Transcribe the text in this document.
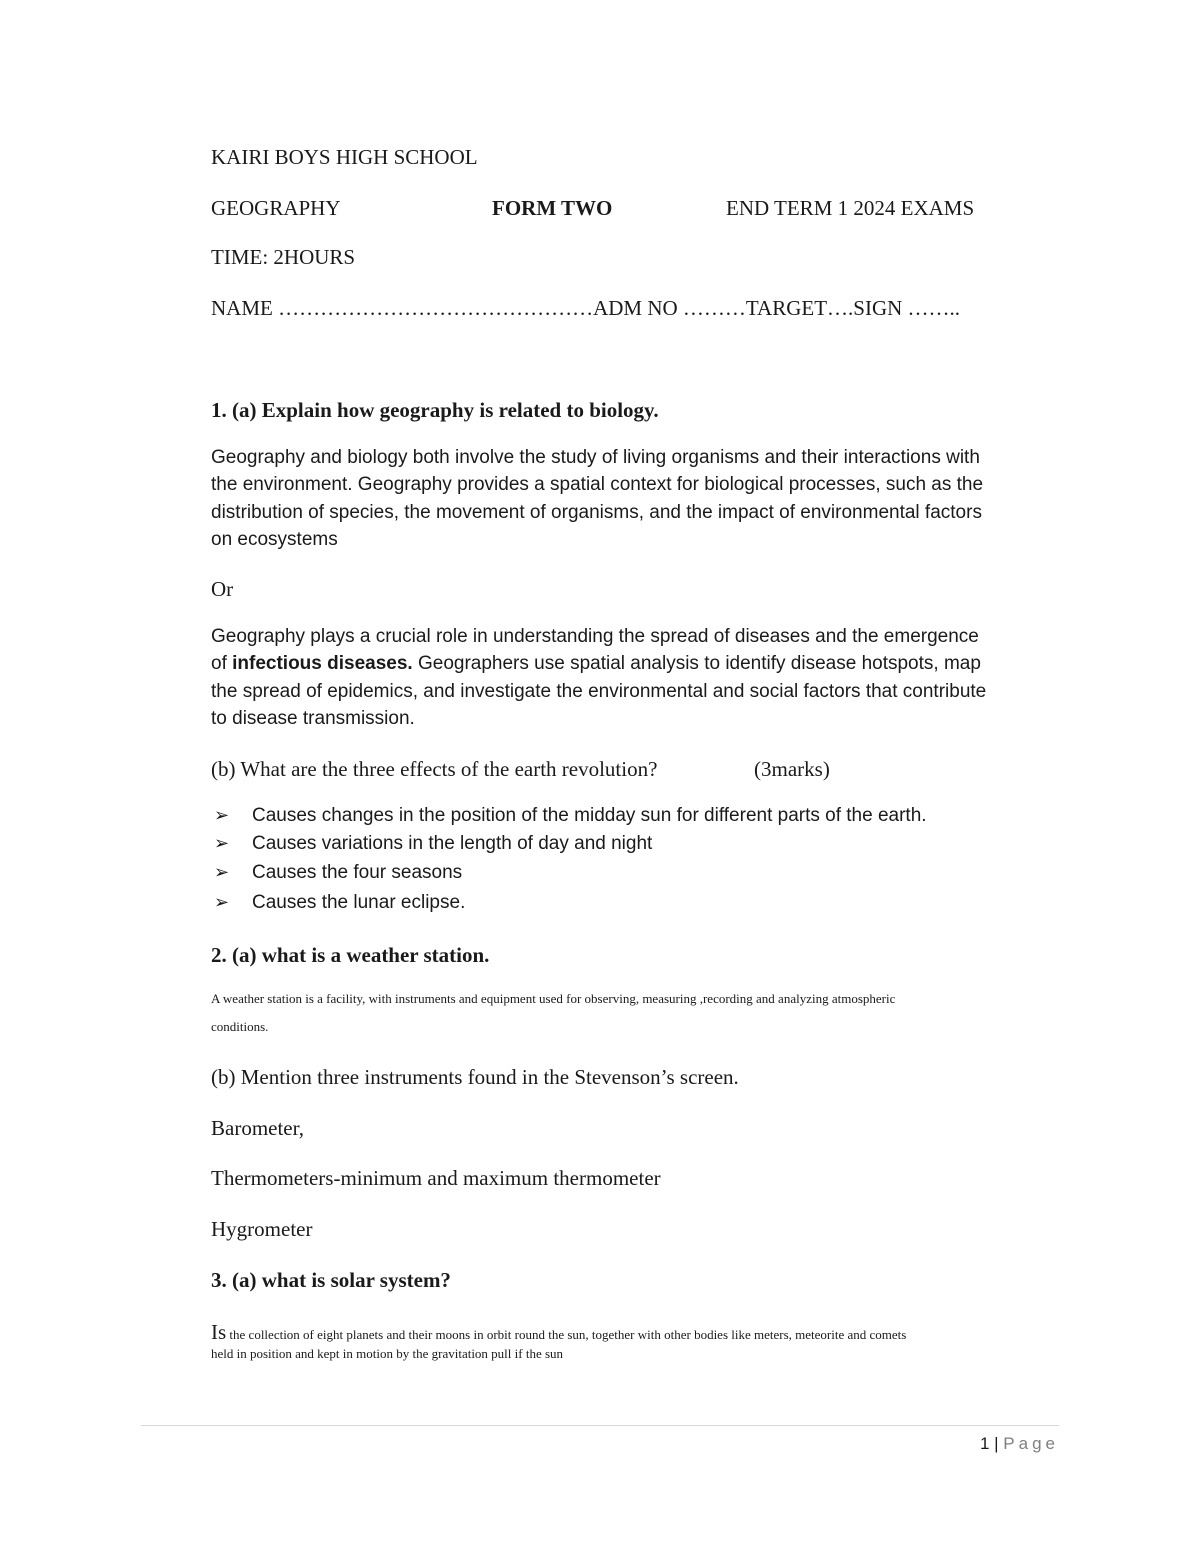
KAIRI BOYS HIGH SCHOOL
GEOGRAPHY	FORM TWO	END TERM 1 2024 EXAMS
TIME: 2HOURS
NAME ………………………………………ADM NO ………TARGET….SIGN ……..
1. (a) Explain how geography is related to biology.
Geography and biology both involve the study of living organisms and their interactions with
the environment. Geography provides a spatial context for biological processes, such as the
distribution of species, the movement of organisms, and the impact of environmental factors
on ecosystems
Or
Geography plays a crucial role in understanding the spread of diseases and the emergence
of infectious diseases. Geographers use spatial analysis to identify disease hotspots, map
the spread of epidemics, and investigate the environmental and social factors that contribute
to disease transmission.
(b) What are the three effects of the earth revolution?	(3marks)
➢ Causes changes in the position of the midday sun for different parts of the earth.
➢ Causes variations in the length of day and night
➢ Causes the four seasons
➢ Causes the lunar eclipse.
2. (a) what is a weather station.
A weather station is a facility, with instruments and equipment used for observing, measuring ,recording and analyzing atmospheric
conditions.
(b) Mention three instruments found in the Stevenson’s screen.
Barometer,
Thermometers-minimum and maximum thermometer
Hygrometer
3. (a) what is solar system?
Is the collection of eight planets and their moons in orbit round the sun, together with other bodies like meters, meteorite and comets
held in position and kept in motion by the gravitation pull if the sun
1 | Page
